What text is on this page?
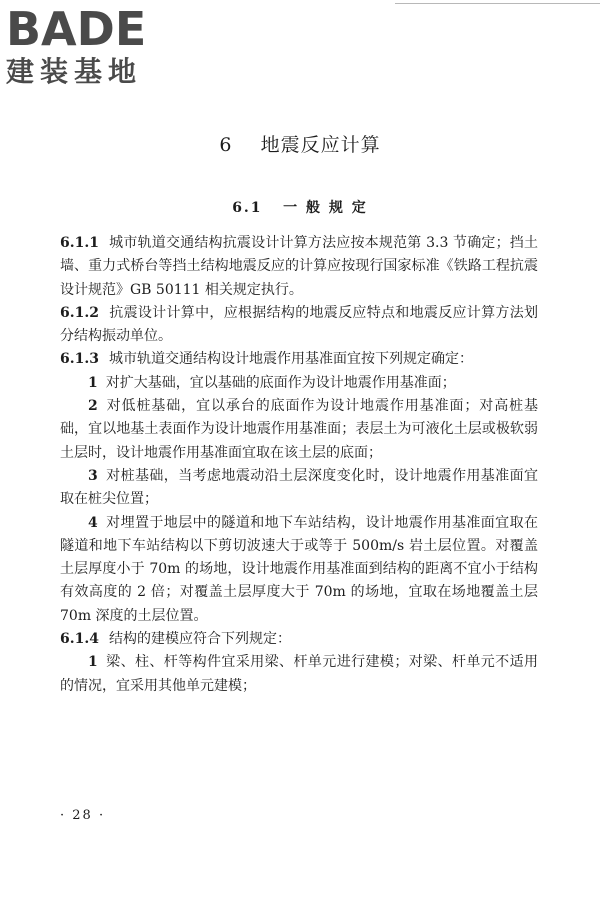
BADE
建装基地
6 地震反应计算
6.1 一 般 规 定

6.1.1 城市轨道交通结构抗震设计计算方法应按本规范第 3.3 节确定；挡土墙、重力式桥台等挡土结构地震反应的计算应按现行国家标准《铁路工程抗震设计规范》GB 50111 相关规定执行。

6.1.2 抗震设计计算中，应根据结构的地震反应特点和地震反应计算方法划分结构振动单位。

6.1.3 城市轨道交通结构设计地震作用基准面宜按下列规定确定：

1 对扩大基础，宜以基础的底面作为设计地震作用基准面；

2 对低桩基础，宜以承台的底面作为设计地震作用基准面；对高桩基础，宜以地基土表面作为设计地震作用基准面；表层土为可液化土层或极软弱土层时，设计地震作用基准面宜取在该土层的底面；

3 对桩基础，当考虑地震动沿土层深度变化时，设计地震作用基准面宜取在桩尖位置；

4 对埋置于地层中的隧道和地下车站结构，设计地震作用基准面宜取在隧道和地下车站结构以下剪切波速大于或等于 500m/s 岩土层位置。对覆盖土层厚度小于 70m 的场地，设计地震作用基准面到结构的距离不宜小于结构有效高度的 2 倍；对覆盖土层厚度大于 70m 的场地，宜取在场地覆盖土层 70m 深度的土层位置。

6.1.4 结构的建模应符合下列规定：

1 梁、柱、杆等构件宜采用梁、杆单元进行建模；对梁、杆单元不适用的情况，宜采用其他单元建模；

· 28 ·
